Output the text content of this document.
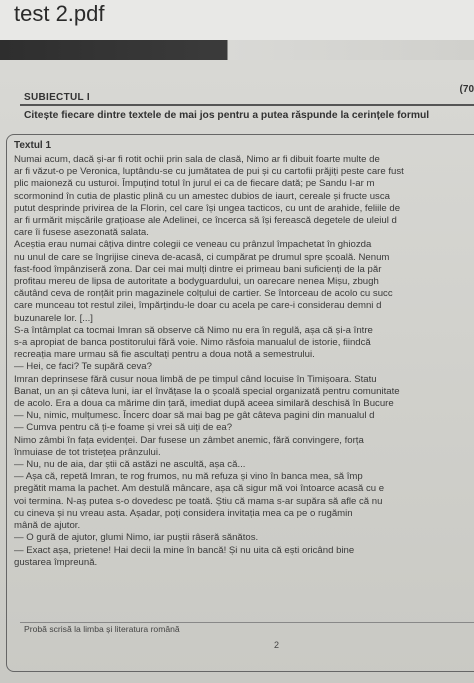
test 2.pdf
SUBIECTUL I
(70
Citește fiecare dintre textele de mai jos pentru a putea răspunde la cerințele formul
Textul 1
Numai acum, dacă și-ar fi rotit ochii prin sala de clasă, Nimo ar fi dibuit foarte multe de
ar fi văzut-o pe Veronica, luptându-se cu jumătatea de pui și cu cartofii prăjiți peste care fust
plic maioneză cu usturoi. Împuțind totul în jurul ei ca de fiecare dată; pe Sandu I-ar m
scormonind în cutia de plastic plină cu un amestec dubios de iaurt, cereale și fructe usca
putut desprinde privirea de la Florin, cel care își ungea tacticos, cu unt de arahide, feliile de
ar fi urmărit mișcările grațioase ale Adelinei, ce încerca să își ferească degetele de uleiul d
care îi fusese asezonată salata.
Aceștia erau numai câțiva dintre colegii ce veneau cu prânzul împachetat în ghiozda
nu unul de care se îngrijise cineva de-acasă, ci cumpărat pe drumul spre școală. Nenum
fast-food împânziseră zona. Dar cei mai mulți dintre ei primeau bani suficienți de la păr
profitau mereu de lipsa de autoritate a bodyguardului, un oarecare nenea Mișu, zbugh
căutând ceva de ronțăit prin magazinele colțului de cartier. Se întorceau de acolo cu succ
care munceau tot restul zilei, împărțindu-le doar cu acela pe care-i considerau demni d
buzunarele lor. [...]
S-a întâmplat ca tocmai Imran să observe că Nimo nu era în regulă, așa că și-a între
s-a apropiat de banca postitorului fără voie. Nimo răsfoia manualul de istorie, fiindcă
recreația mare urmau să fie ascultați pentru a doua notă a semestrului.
— Hei, ce faci? Te supără ceva?
Imran deprinsese fără cusur noua limbă de pe timpul când locuise în Timișoara. Statu
Banat, un an și câteva luni, iar el învățase la o școală special organizată pentru comunitate
de acolo. Era a doua ca mărime din țară, imediat după aceea similară deschisă în Bucure
— Nu, nimic, mulțumesc. Încerc doar să mai bag pe gât câteva pagini din manualul d
— Cumva pentru că ți-e foame și vrei să uiți de ea?
Nimo zâmbi în fața evidenței. Dar fusese un zâmbet anemic, fără convingere, forța
înmuiase de tot tristețea prânzului.
— Nu, nu de aia, dar știi că astăzi ne ascultă, așa că...
— Așa că, repetă Imran, te rog frumos, nu mă refuza și vino în banca mea, să împ
pregătit mama la pachet. Am destulă mâncare, așa că sigur mă voi întoarce acasă cu e
voi termina. N-aș putea s-o dovedesc pe toată. Știu că mama s-ar supăra să afle că nu
cu cineva și nu vreau asta. Așadar, poți considera invitația mea ca pe o rugămin
mână de ajutor.
— O gură de ajutor, glumi Nimo, iar puștii râseră sănătos.
— Exact așa, prietene! Hai decii la mine în bancă! Și nu uita că ești oricând bine
gustarea împreună.
Probă scrisă la limba și literatura română
2
